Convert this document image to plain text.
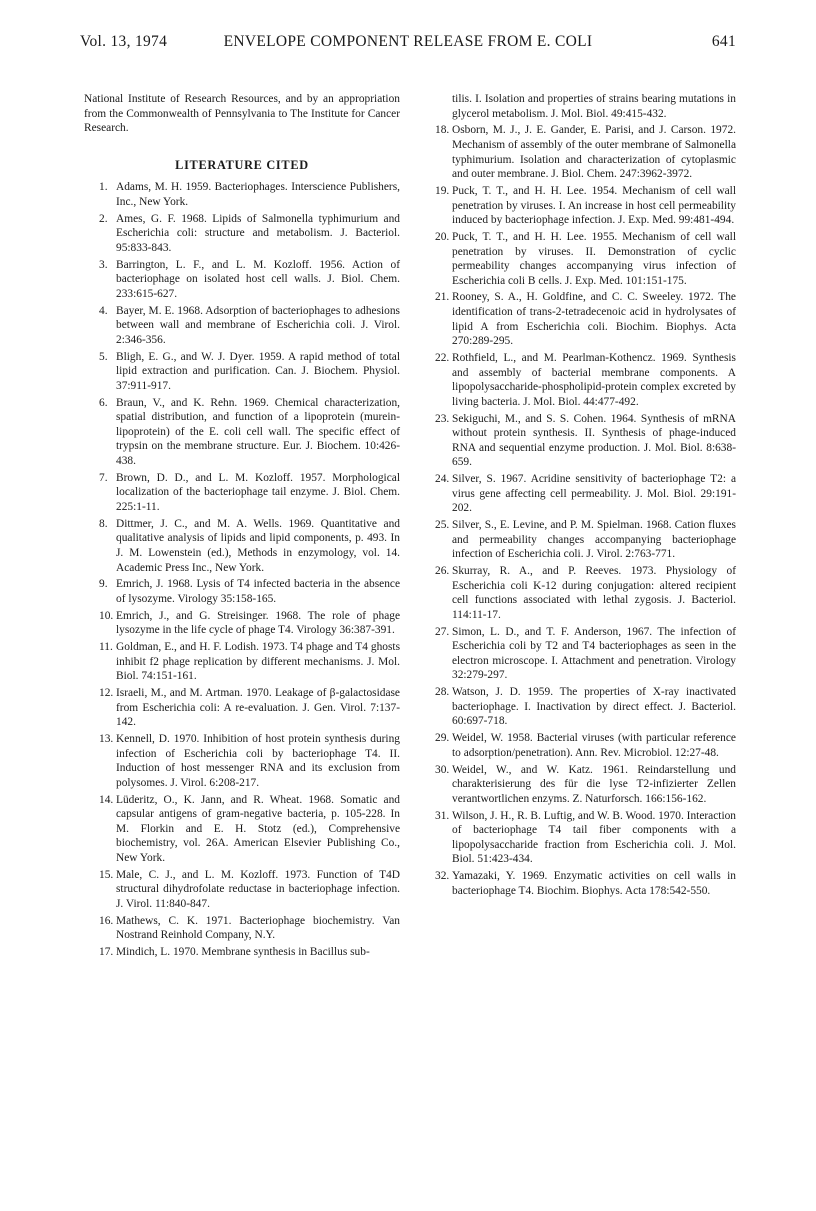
Vol. 13, 1974	ENVELOPE COMPONENT RELEASE FROM E. COLI	641

National Institute of Research Resources, and by an appropriation from the Commonwealth of Pennsylvania to The Institute for Cancer Research.

LITERATURE CITED
1. Adams, M. H. 1959. Bacteriophages. Interscience Publishers, Inc., New York.
2. Ames, G. F. 1968. Lipids of Salmonella typhimurium and Escherichia coli: structure and metabolism. J. Bacteriol. 95:833-843.
3. Barrington, L. F., and L. M. Kozloff. 1956. Action of bacteriophage on isolated host cell walls. J. Biol. Chem. 233:615-627.
4. Bayer, M. E. 1968. Adsorption of bacteriophages to adhesions between wall and membrane of Escherichia coli. J. Virol. 2:346-356.
5. Bligh, E. G., and W. J. Dyer. 1959. A rapid method of total lipid extraction and purification. Can. J. Biochem. Physiol. 37:911-917.
6. Braun, V., and K. Rehn. 1969. Chemical characterization, spatial distribution, and function of a lipoprotein (murein-lipoprotein) of the E. coli cell wall. The specific effect of trypsin on the membrane structure. Eur. J. Biochem. 10:426-438.
7. Brown, D. D., and L. M. Kozloff. 1957. Morphological localization of the bacteriophage tail enzyme. J. Biol. Chem. 225:1-11.
8. Dittmer, J. C., and M. A. Wells. 1969. Quantitative and qualitative analysis of lipids and lipid components, p. 493. In J. M. Lowenstein (ed.), Methods in enzymology, vol. 14. Academic Press Inc., New York.
9. Emrich, J. 1968. Lysis of T4 infected bacteria in the absence of lysozyme. Virology 35:158-165.
10. Emrich, J., and G. Streisinger. 1968. The role of phage lysozyme in the life cycle of phage T4. Virology 36:387-391.
11. Goldman, E., and H. F. Lodish. 1973. T4 phage and T4 ghosts inhibit f2 phage replication by different mechanisms. J. Mol. Biol. 74:151-161.
12. Israeli, M., and M. Artman. 1970. Leakage of β-galactosidase from Escherichia coli: A re-evaluation. J. Gen. Virol. 7:137-142.
13. Kennell, D. 1970. Inhibition of host protein synthesis during infection of Escherichia coli by bacteriophage T4. II. Induction of host messenger RNA and its exclusion from polysomes. J. Virol. 6:208-217.
14. Lüderitz, O., K. Jann, and R. Wheat. 1968. Somatic and capsular antigens of gram-negative bacteria, p. 105-228. In M. Florkin and E. H. Stotz (ed.), Comprehensive biochemistry, vol. 26A. American Elsevier Publishing Co., New York.
15. Male, C. J., and L. M. Kozloff. 1973. Function of T4D structural dihydrofolate reductase in bacteriophage infection. J. Virol. 11:840-847.
16. Mathews, C. K. 1971. Bacteriophage biochemistry. Van Nostrand Reinhold Company, N.Y.
17. Mindich, L. 1970. Membrane synthesis in Bacillus sub-
tilis. I. Isolation and properties of strains bearing mutations in glycerol metabolism. J. Mol. Biol. 49:415-432.
18. Osborn, M. J., J. E. Gander, E. Parisi, and J. Carson. 1972. Mechanism of assembly of the outer membrane of Salmonella typhimurium. Isolation and characterization of cytoplasmic and outer membrane. J. Biol. Chem. 247:3962-3972.
19. Puck, T. T., and H. H. Lee. 1954. Mechanism of cell wall penetration by viruses. I. An increase in host cell permeability induced by bacteriophage infection. J. Exp. Med. 99:481-494.
20. Puck, T. T., and H. H. Lee. 1955. Mechanism of cell wall penetration by viruses. II. Demonstration of cyclic permeability changes accompanying virus infection of Escherichia coli B cells. J. Exp. Med. 101:151-175.
21. Rooney, S. A., H. Goldfine, and C. C. Sweeley. 1972. The identification of trans-2-tetradecenoic acid in hydrolysates of lipid A from Escherichia coli. Biochim. Biophys. Acta 270:289-295.
22. Rothfield, L., and M. Pearlman-Kothencz. 1969. Synthesis and assembly of bacterial membrane components. A lipopolysaccharide-phospholipid-protein complex excreted by living bacteria. J. Mol. Biol. 44:477-492.
23. Sekiguchi, M., and S. S. Cohen. 1964. Synthesis of mRNA without protein synthesis. II. Synthesis of phage-induced RNA and sequential enzyme production. J. Mol. Biol. 8:638-659.
24. Silver, S. 1967. Acridine sensitivity of bacteriophage T2: a virus gene affecting cell permeability. J. Mol. Biol. 29:191-202.
25. Silver, S., E. Levine, and P. M. Spielman. 1968. Cation fluxes and permeability changes accompanying bacteriophage infection of Escherichia coli. J. Virol. 2:763-771.
26. Skurray, R. A., and P. Reeves. 1973. Physiology of Escherichia coli K-12 during conjugation: altered recipient cell functions associated with lethal zygosis. J. Bacteriol. 114:11-17.
27. Simon, L. D., and T. F. Anderson, 1967. The infection of Escherichia coli by T2 and T4 bacteriophages as seen in the electron microscope. I. Attachment and penetration. Virology 32:279-297.
28. Watson, J. D. 1959. The properties of X-ray inactivated bacteriophage. I. Inactivation by direct effect. J. Bacteriol. 60:697-718.
29. Weidel, W. 1958. Bacterial viruses (with particular reference to adsorption/penetration). Ann. Rev. Microbiol. 12:27-48.
30. Weidel, W., and W. Katz. 1961. Reindarstellung und charakterisierung des für die lyse T2-infizierter Zellen verantwortlichen enzyms. Z. Naturforsch. 166:156-162.
31. Wilson, J. H., R. B. Luftig, and W. B. Wood. 1970. Interaction of bacteriophage T4 tail fiber components with a lipopolysaccharide fraction from Escherichia coli. J. Mol. Biol. 51:423-434.
32. Yamazaki, Y. 1969. Enzymatic activities on cell walls in bacteriophage T4. Biochim. Biophys. Acta 178:542-550.
